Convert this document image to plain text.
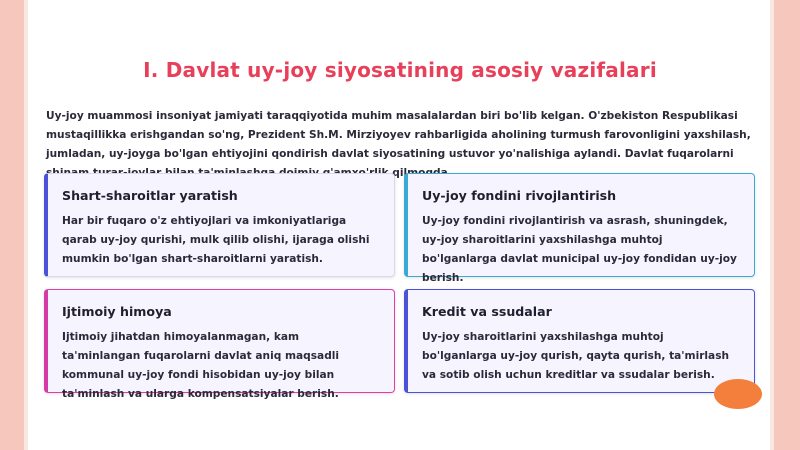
I. Davlat uy-joy siyosatining asosiy vazifalari
Uy-joy muammosi insoniyat jamiyati taraqqiyotida muhim masalalardan biri bo'lib kelgan. O'zbekiston Respublikasi mustaqillikka erishgandan so'ng, Prezident Sh.M. Mirziyoyev rahbarligida aholining turmush farovonligini yaxshilash, jumladan, uy-joyga bo'lgan ehtiyojini qondirish davlat siyosatining ustuvor yo'nalishiga aylandi. Davlat fuqarolarni
Shart-sharoitlar yaratish
Har bir fuqaro o'z ehtiyojlari va imkoniyatlariga qarab uy-joy qurishi, mulk qilib olishi, ijaraga olishi mumkin bo'lgan shart-sharoitlarni yaratish.
Uy-joy fondini rivojlantirish
Uy-joy fondini rivojlantirish va asrash, shuningdek, uy-joy sharoitlarini yaxshilashga muhtoj bo'lganlarga davlat municipal uy-joy fondidan uy-joy berish.
Ijtimoiy himoya
Ijtimoiy jihatdan himoyalanmagan, kam ta'minlangan fuqarolarni davlat aniq maqsadli kommunal uy-joy fondi hisobidan uy-joy bilan ta'minlash va ularga kompensatsiyalar berish.
Kredit va ssudalar
Uy-joy sharoitlarini yaxshilashga muhtoj bo'lganlarga uy-joy qurish, qayta qurish, ta'mirlash va sotib olish uchun kreditlar va ssudalar berish.
